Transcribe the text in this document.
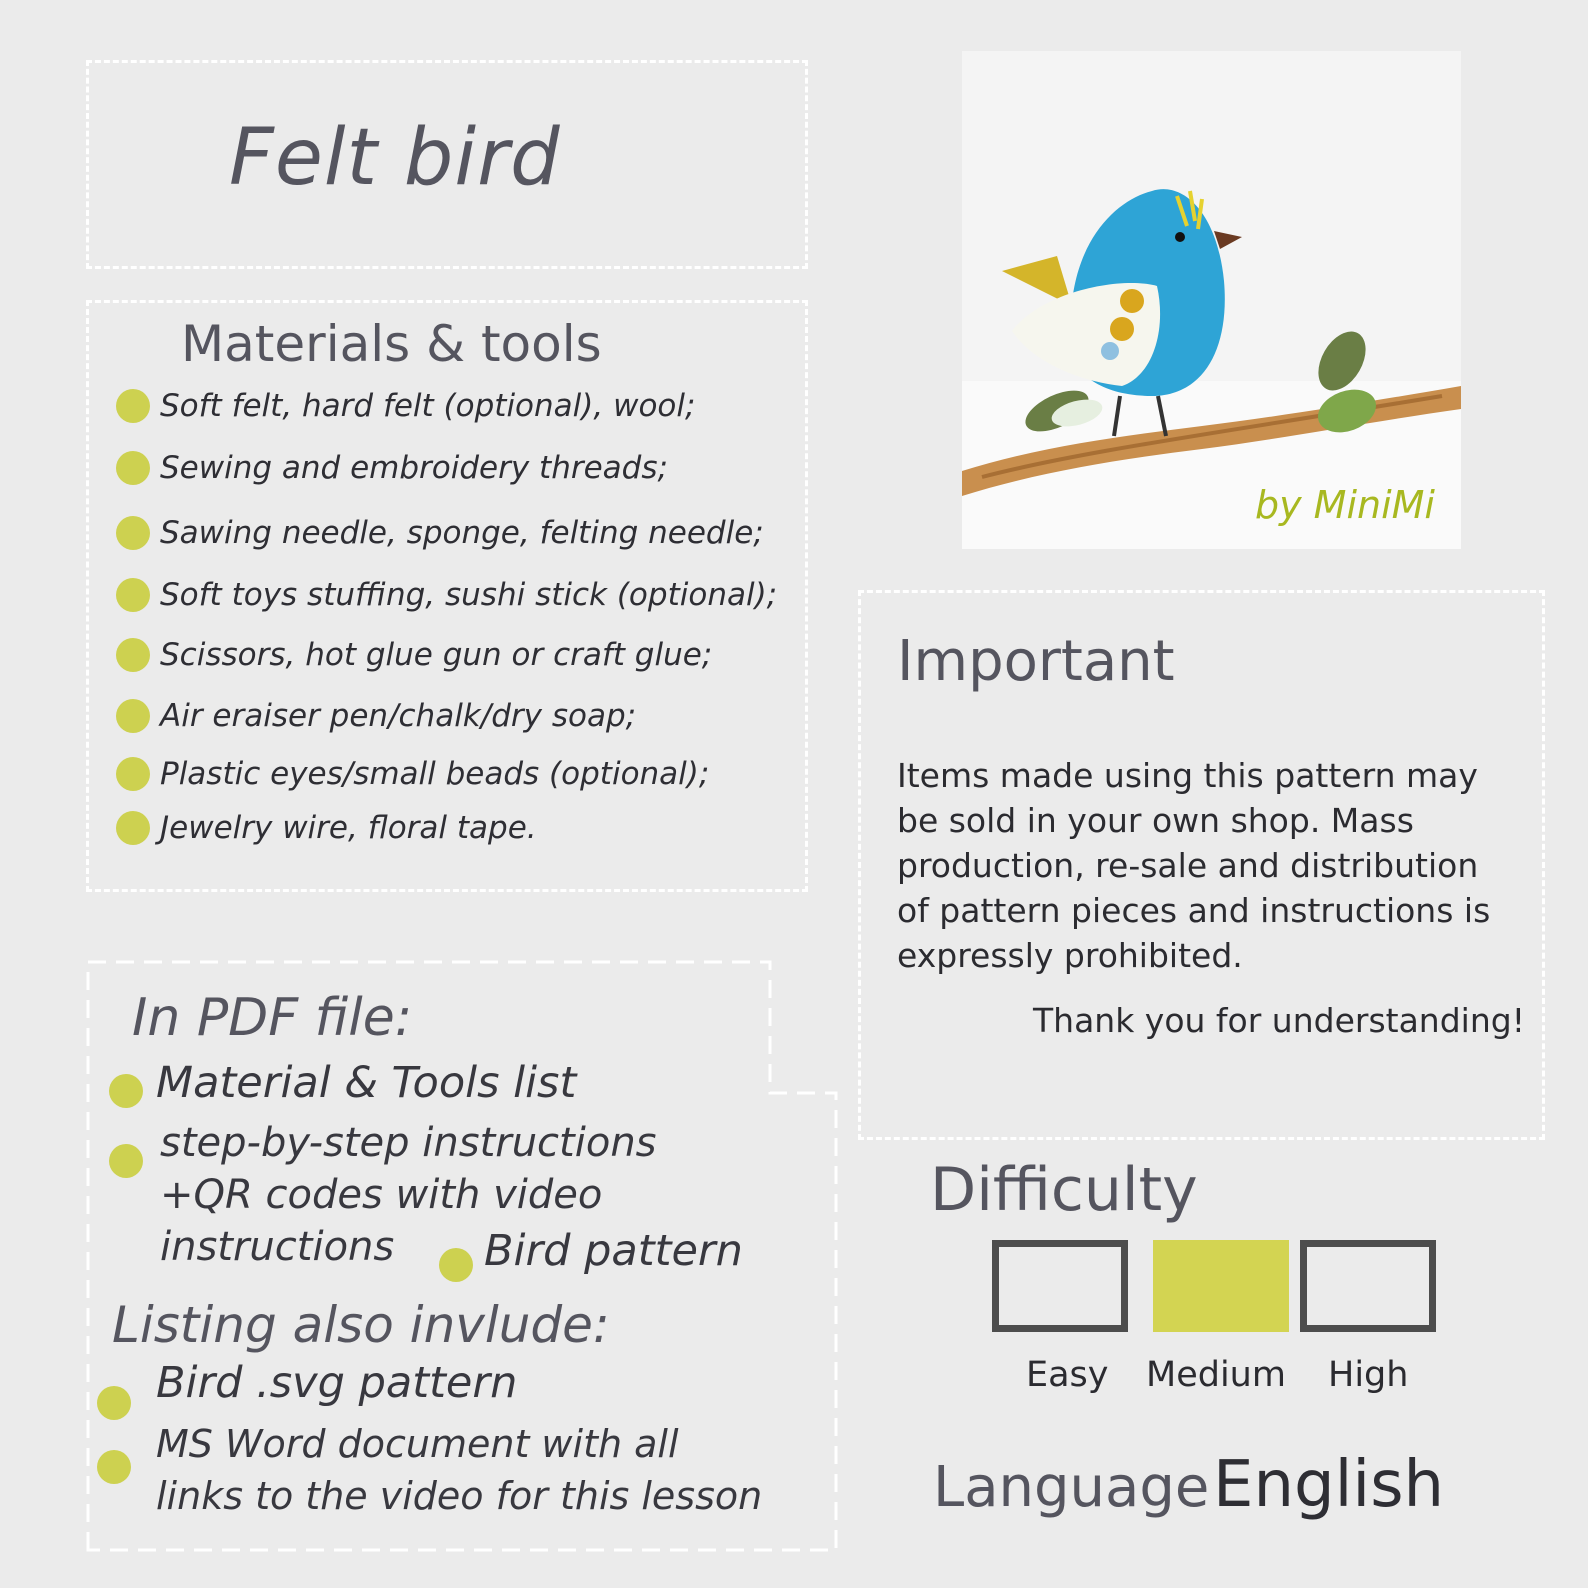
Felt bird
Materials & tools
Soft felt, hard felt (optional), wool;
Sewing and embroidery threads;
Sawing needle, sponge, felting needle;
Soft toys stuffing, sushi stick (optional);
Scissors, hot glue gun or craft glue;
Air eraiser pen/chalk/dry soap;
Plastic eyes/small beads (optional);
Jewelry wire, floral tape.
by MiniMi
Important
Items made using this pattern may
be sold in your own shop. Mass
production, re-sale and distribution
of pattern pieces and instructions is
expressly prohibited.
Thank you for understanding!
In PDF file:
Material & Tools list
step-by-step instructions
+QR codes with video
instructions Bird pattern
Listing also invlude:
Bird .svg pattern
MS Word document with all
links to the video for this lesson
Difficulty
Easy Medium High
Language English
